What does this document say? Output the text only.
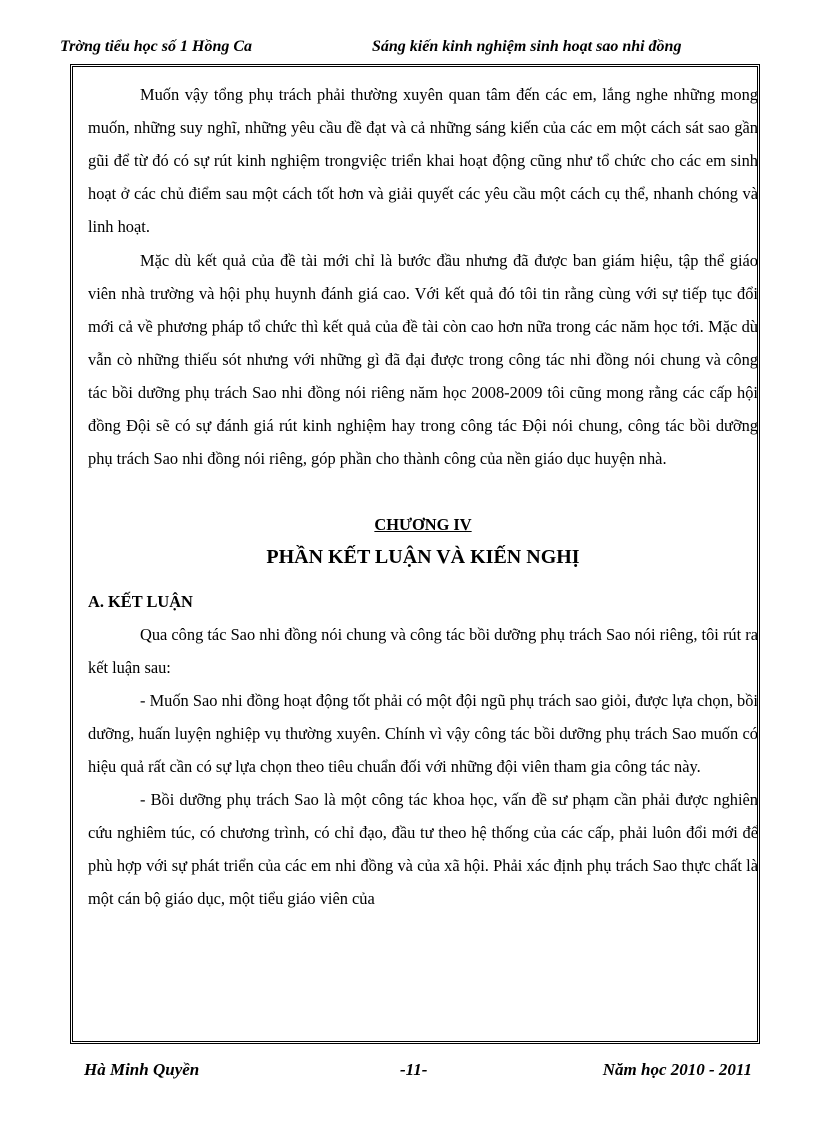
Trờng tiểu học số 1 Hồng Ca	Sáng kiến kinh nghiệm sinh hoạt sao nhi đồng

Muốn vậy tổng phụ trách phải thường xuyên quan tâm đến các em, lắng nghe những mong muốn, những suy nghĩ, những yêu cầu đề đạt và cả những sáng kiến của các em một cách sát sao gần gũi để từ đó có sự rút kinh nghiệm trongviệc triển khai hoạt động cũng như tổ chức cho các em sinh hoạt ở các chủ điểm sau một cách tốt hơn và giải quyết các yêu cầu một cách cụ thể, nhanh chóng và linh hoạt.

Mặc dù kết quả của đề tài mới chỉ là bước đầu nhưng đã được ban giám hiệu, tập thể giáo viên nhà trường và hội phụ huynh đánh giá cao. Với kết quả đó tôi tin rằng cùng với sự tiếp tục đổi mới cả về phương pháp tổ chức thì kết quả của đề tài còn cao hơn nữa trong các năm học tới. Mặc dù vẫn cò những thiếu sót nhưng với những gì đã đại được trong công tác nhi đồng nói chung và công tác bồi dưỡng phụ trách Sao nhi đồng nói riêng năm học 2008-2009 tôi cũng mong rằng các cấp hội đồng Đội sẽ có sự đánh giá rút kinh nghiệm hay trong công tác Đội nói chung, công tác bồi dưỡng phụ trách Sao nhi đồng nói riêng, góp phần cho thành công của nền giáo dục huyện nhà.

CHƯƠNG IV
PHẦN KẾT LUẬN VÀ KIẾN NGHỊ

A. KẾT LUẬN

Qua công tác Sao nhi đồng nói chung và công tác bồi dưỡng phụ trách Sao nói riêng, tôi rút ra kết luận sau:

- Muốn Sao nhi đồng hoạt động tốt phải có một đội ngũ phụ trách sao giỏi, được lựa chọn, bồi dưỡng, huấn luyện nghiệp vụ thường xuyên. Chính vì vậy công tác bồi dưỡng phụ trách Sao muốn có hiệu quả rất cần có sự lựa chọn theo tiêu chuẩn đối với những đội viên tham gia công tác này.

- Bồi dưỡng phụ trách Sao là một công tác khoa học, vấn đề sư phạm cần phải được nghiên cứu nghiêm túc, có chương trình, có chỉ đạo, đầu tư theo hệ thống của các cấp, phải luôn đổi mới để phù hợp với sự phát triển của các em nhi đồng và của xã hội. Phải xác định phụ trách Sao thực chất là một cán bộ giáo dục, một tiểu giáo viên của

Hà Minh Quyền	-11-	Năm học 2010 - 2011
